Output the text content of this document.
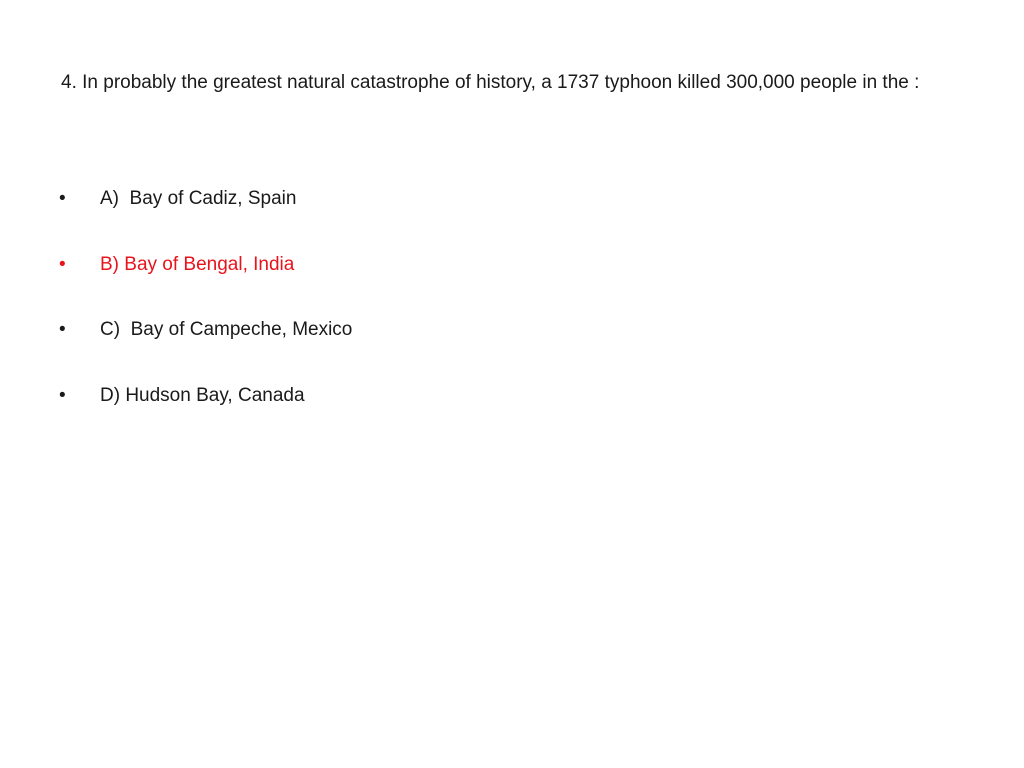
4. In probably the greatest natural catastrophe of history, a 1737 typhoon killed 300,000 people in the :

•	A)  Bay of Cadiz, Spain
•	B) Bay of Bengal, India
•	C)  Bay of Campeche, Mexico
•	D) Hudson Bay, Canada
